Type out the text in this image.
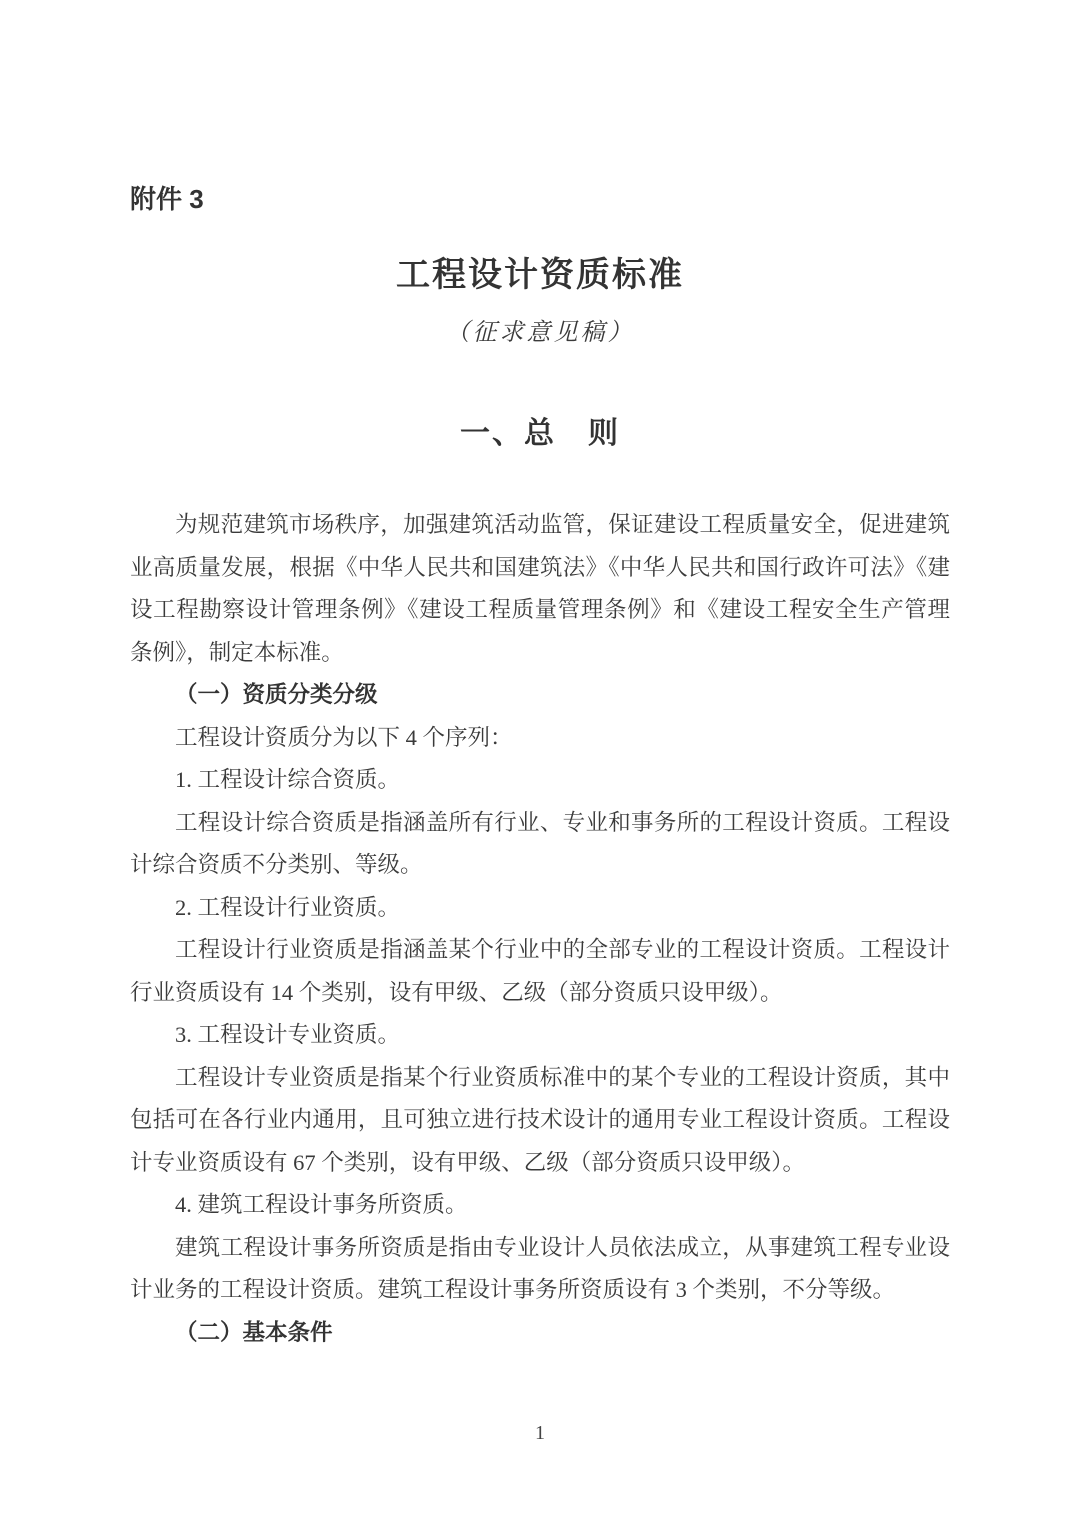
附件 3
工程设计资质标准
（征求意见稿）
一、总　则

为规范建筑市场秩序，加强建筑活动监管，保证建设工程质量安全，促进建筑业高质量发展，根据《中华人民共和国建筑法》《中华人民共和国行政许可法》《建设工程勘察设计管理条例》《建设工程质量管理条例》和《建设工程安全生产管理条例》，制定本标准。

（一）资质分类分级

工程设计资质分为以下 4 个序列：

1. 工程设计综合资质。

工程设计综合资质是指涵盖所有行业、专业和事务所的工程设计资质。工程设计综合资质不分类别、等级。

2. 工程设计行业资质。

工程设计行业资质是指涵盖某个行业中的全部专业的工程设计资质。工程设计行业资质设有 14 个类别，设有甲级、乙级（部分资质只设甲级）。

3. 工程设计专业资质。

工程设计专业资质是指某个行业资质标准中的某个专业的工程设计资质，其中包括可在各行业内通用，且可独立进行技术设计的通用专业工程设计资质。工程设计专业资质设有 67 个类别，设有甲级、乙级（部分资质只设甲级）。

4. 建筑工程设计事务所资质。

建筑工程设计事务所资质是指由专业设计人员依法成立，从事建筑工程专业设计业务的工程设计资质。建筑工程设计事务所资质设有 3 个类别，不分等级。

（二）基本条件

1
